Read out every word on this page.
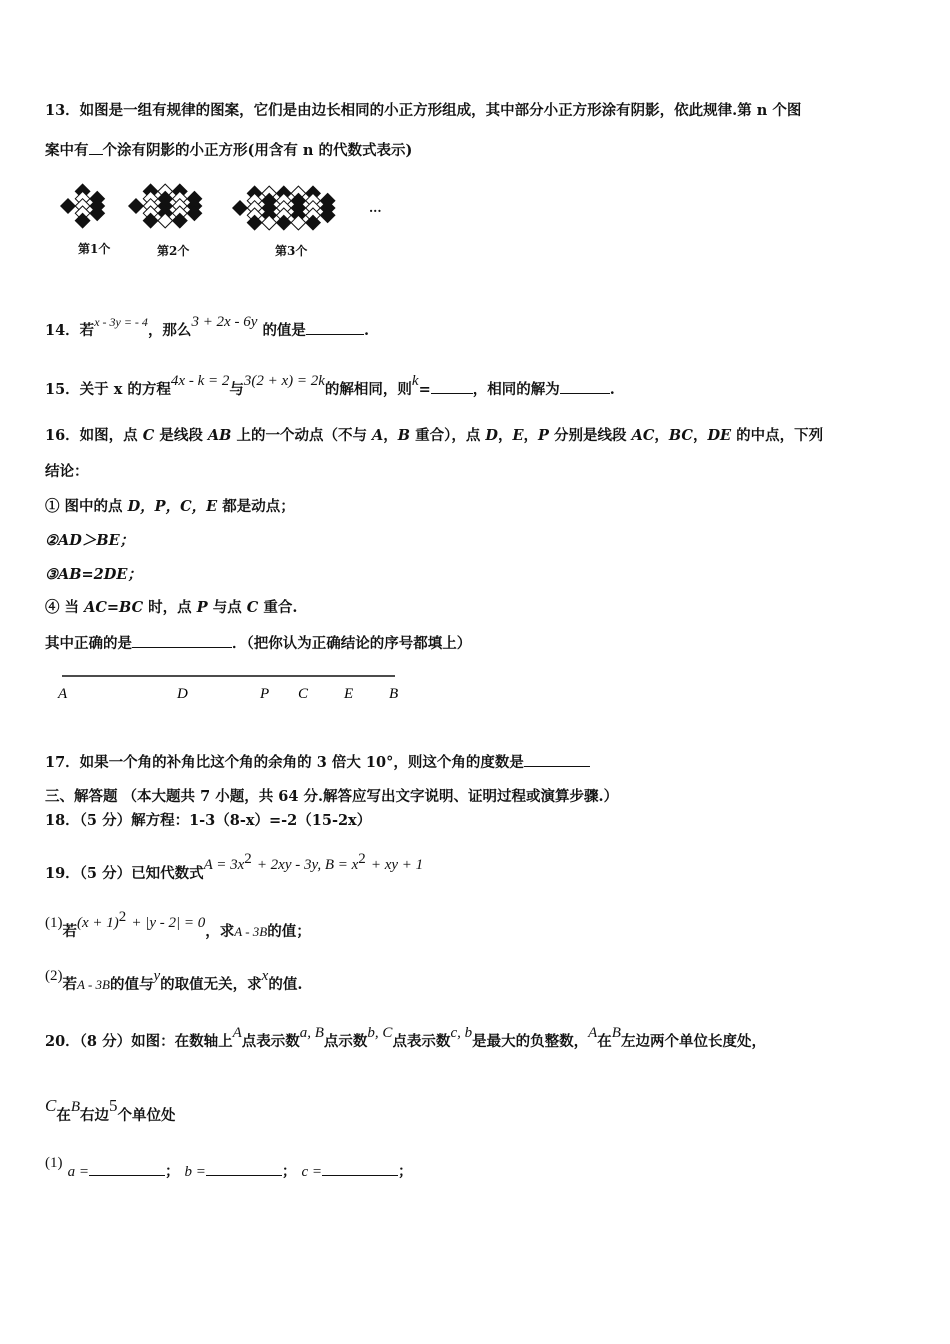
13．如图是一组有规律的图案，它们是由边长相同的小正方形组成，其中部分小正方形涂有阴影，依此规律.第 n 个图
案中有 个涂有阴影的小正方形(用含有 n 的代数式表示)
第1个	第2个	第3个
···
14．若$^{x - 3y = - 4}$，那么3 + 2x - 6y 的值是	.
15．关于 x 的方程4x - k = 2与3(2 + x) = 2k的解相同，则k=	，相同的解为	.
16．如图，点 C 是线段 AB 上的一个动点（不与 A，B 重合），点 D，E，P 分别是线段 AC，BC，DE 的中点，下列
结论：
① 图中的点 D，P，C，E 都是动点；
②AD＞BE；
③AB=2DE；
④ 当 AC=BC 时，点 P 与点 C 重合.
其中正确的是	．（把你认为正确结论的序号都填上）
A	D	P C E B
17．如果一个角的补角比这个角的余角的 3 倍大 10°，则这个角的度数是
三、解答题 （本大题共 7 小题，共 64 分.解答应写出文字说明、证明过程或演算步骤.）
18．（5 分）解方程：1-3（8-x）=-2（15-2x）
19．（5 分）已知代数式$A = 3x^2 + 2xy - 3y$, $B = x^2$ + xy + 1
(1)若$(x + 1)^2 + |y - 2| = 0$，求A - 3B的值；
(2)若A - 3B的值与y的取值无关，求x的值.
20．（8 分）如图：在数轴上A点表示数a, B点示数b, C点表示数c, b是最大的负整数，A在B左边两个单位长度处，
C在B右边5个单位处
(1) a =	； b =	； c =	；
